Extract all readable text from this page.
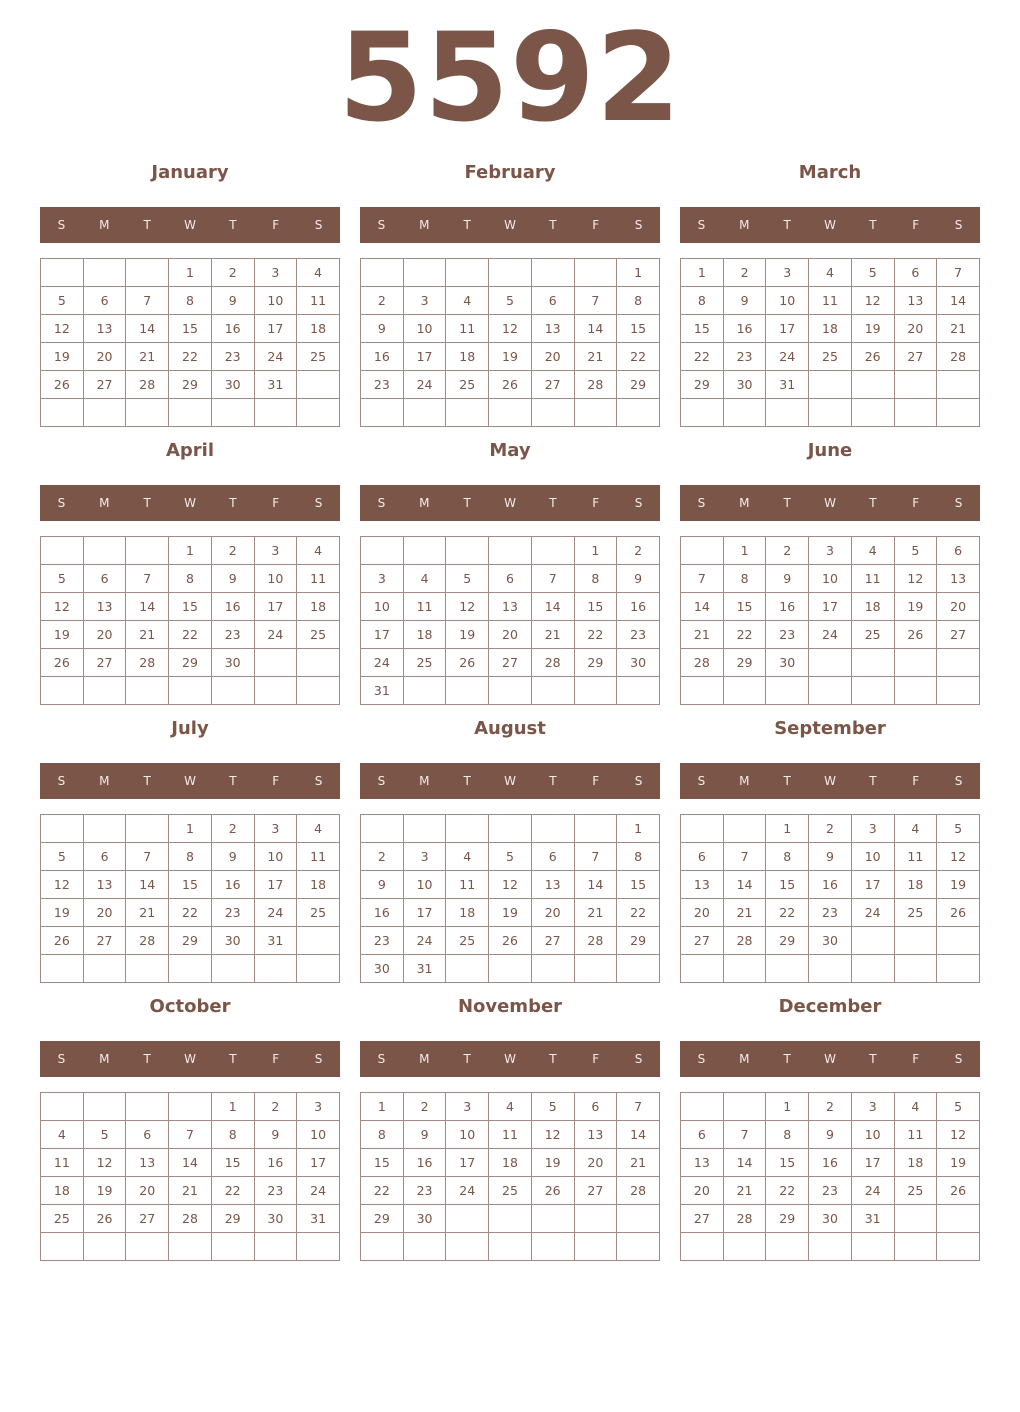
5592
January
S	M	T	W	T	F	S
			1	2	3	4
5	6	7	8	9	10	11
12	13	14	15	16	17	18
19	20	21	22	23	24	25
26	27	28	29	30	31	

February
S	M	T	W	T	F	S
						1
2	3	4	5	6	7	8
9	10	11	12	13	14	15
16	17	18	19	20	21	22
23	24	25	26	27	28	29

March
S	M	T	W	T	F	S
1	2	3	4	5	6	7
8	9	10	11	12	13	14
15	16	17	18	19	20	21
22	23	24	25	26	27	28
29	30	31				

April
S	M	T	W	T	F	S
			1	2	3	4
5	6	7	8	9	10	11
12	13	14	15	16	17	18
19	20	21	22	23	24	25
26	27	28	29	30		

May
S	M	T	W	T	F	S
					1	2
3	4	5	6	7	8	9
10	11	12	13	14	15	16
17	18	19	20	21	22	23
24	25	26	27	28	29	30
31						
June
S	M	T	W	T	F	S
	1	2	3	4	5	6
7	8	9	10	11	12	13
14	15	16	17	18	19	20
21	22	23	24	25	26	27
28	29	30				

July
S	M	T	W	T	F	S
			1	2	3	4
5	6	7	8	9	10	11
12	13	14	15	16	17	18
19	20	21	22	23	24	25
26	27	28	29	30	31	

August
S	M	T	W	T	F	S
						1
2	3	4	5	6	7	8
9	10	11	12	13	14	15
16	17	18	19	20	21	22
23	24	25	26	27	28	29
30	31					
September
S	M	T	W	T	F	S
		1	2	3	4	5
6	7	8	9	10	11	12
13	14	15	16	17	18	19
20	21	22	23	24	25	26
27	28	29	30			

October
S	M	T	W	T	F	S
				1	2	3
4	5	6	7	8	9	10
11	12	13	14	15	16	17
18	19	20	21	22	23	24
25	26	27	28	29	30	31

November
S	M	T	W	T	F	S
1	2	3	4	5	6	7
8	9	10	11	12	13	14
15	16	17	18	19	20	21
22	23	24	25	26	27	28
29	30					

December
S	M	T	W	T	F	S
		1	2	3	4	5
6	7	8	9	10	11	12
13	14	15	16	17	18	19
20	21	22	23	24	25	26
27	28	29	30	31		
